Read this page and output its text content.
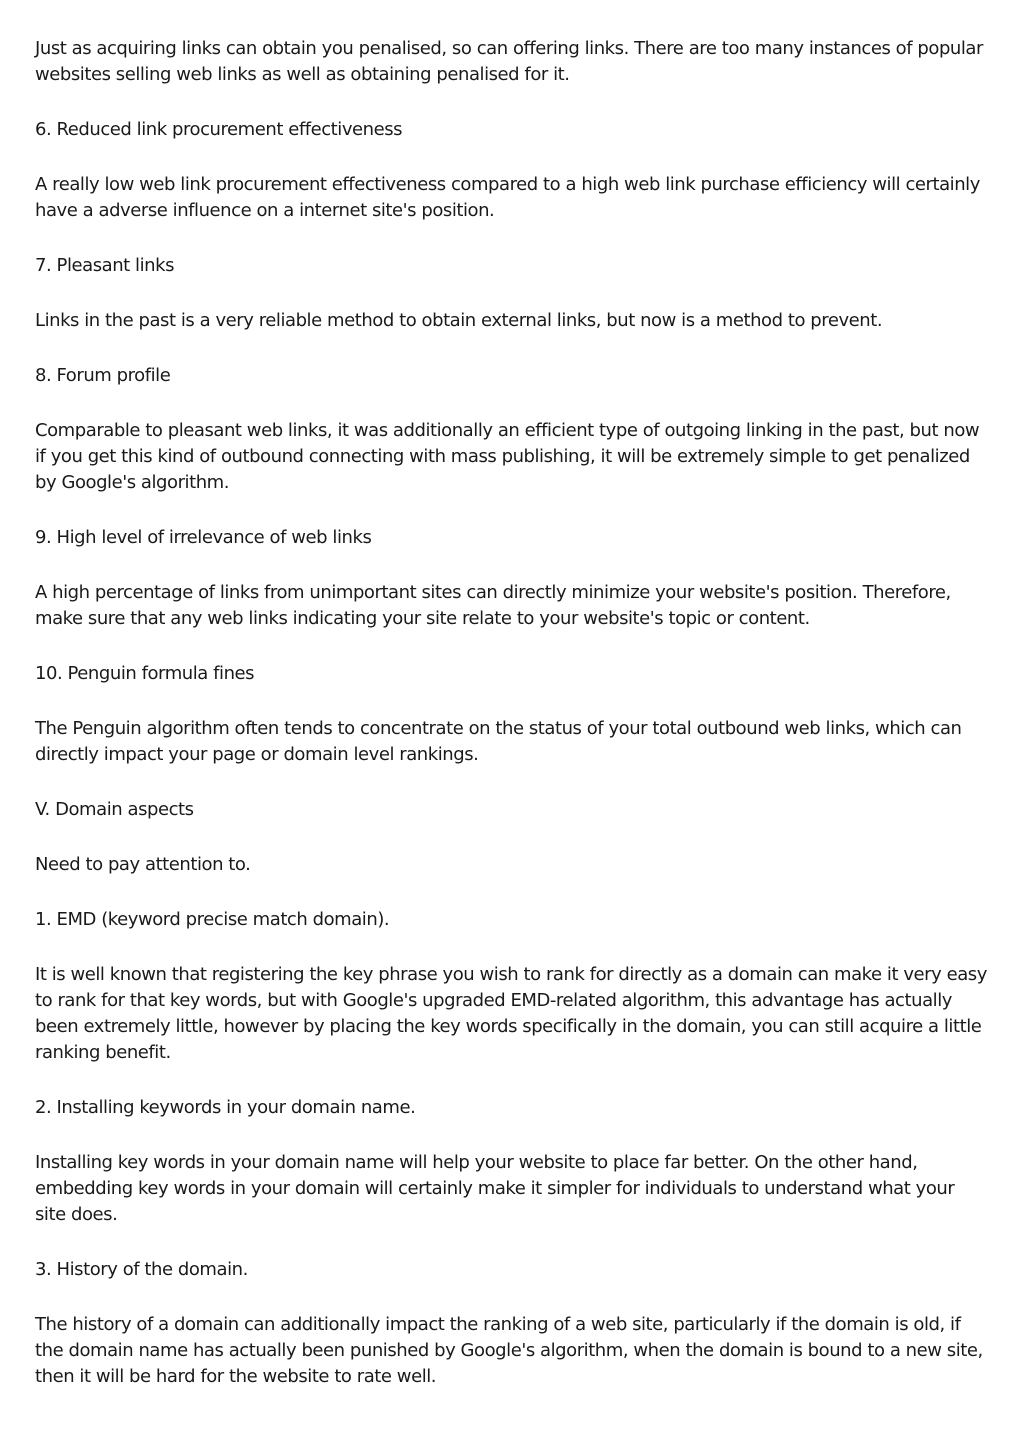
Just as acquiring links can obtain you penalised, so can offering links. There are too many instances of popular websites selling web links as well as obtaining penalised for it.

6. Reduced link procurement effectiveness

A really low web link procurement effectiveness compared to a high web link purchase efficiency will certainly have a adverse influence on a internet site's position.

7. Pleasant links

Links in the past is a very reliable method to obtain external links, but now is a method to prevent.

8. Forum profile

Comparable to pleasant web links, it was additionally an efficient type of outgoing linking in the past, but now if you get this kind of outbound connecting with mass publishing, it will be extremely simple to get penalized by Google's algorithm.

9. High level of irrelevance of web links

A high percentage of links from unimportant sites can directly minimize your website's position. Therefore, make sure that any web links indicating your site relate to your website's topic or content.

10. Penguin formula fines

The Penguin algorithm often tends to concentrate on the status of your total outbound web links, which can directly impact your page or domain level rankings.

V. Domain aspects

Need to pay attention to.

1. EMD (keyword precise match domain).

It is well known that registering the key phrase you wish to rank for directly as a domain can make it very easy to rank for that key words, but with Google's upgraded EMD-related algorithm, this advantage has actually been extremely little, however by placing the key words specifically in the domain, you can still acquire a little ranking benefit.

2. Installing keywords in your domain name.

Installing key words in your domain name will help your website to place far better. On the other hand, embedding key words in your domain will certainly make it simpler for individuals to understand what your site does.

3. History of the domain.

The history of a domain can additionally impact the ranking of a web site, particularly if the domain is old, if the domain name has actually been punished by Google's algorithm, when the domain is bound to a new site, then it will be hard for the website to rate well.
